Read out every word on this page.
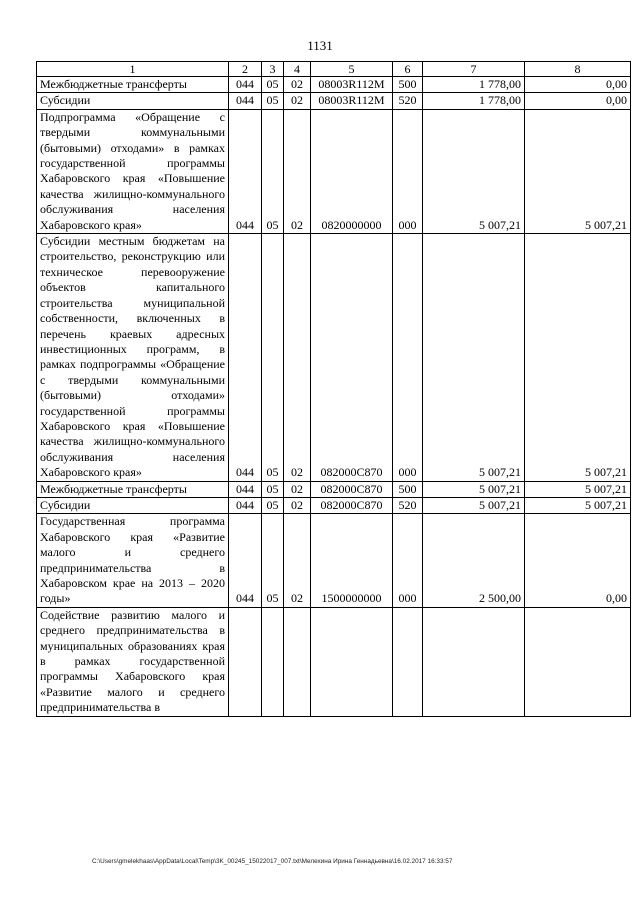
1131
1	2	3	4	5	6	7	8
Межбюджетные трансферты	044	05	02	08003R112M	500	1 778,00	0,00
Субсидии	044	05	02	08003R112M	520	1 778,00	0,00
Подпрограмма «Обращение с твердыми коммунальными (бытовыми) отходами» в рамках государственной программы Хабаровского края «Повышение качества жилищно-коммунального обслуживания населения Хабаровского края»	044	05	02	0820000000	000	5 007,21	5 007,21
Субсидии местным бюджетам на строительство, реконструкцию или техническое перевооружение объектов капитального строительства муниципальной собственности, включенных в перечень краевых адресных инвестиционных программ, в рамках подпрограммы «Обращение с твердыми коммунальными (бытовыми) отходами» государственной программы Хабаровского края «Повышение качества жилищно-коммунального обслуживания населения Хабаровского края»	044	05	02	082000С870	000	5 007,21	5 007,21
Межбюджетные трансферты	044	05	02	082000С870	500	5 007,21	5 007,21
Субсидии	044	05	02	082000С870	520	5 007,21	5 007,21
Государственная программа Хабаровского края «Развитие малого и среднего предпринимательства в Хабаровском крае на 2013 – 2020 годы»	044	05	02	1500000000	000	2 500,00	0,00
Содействие развитию малого и среднего предпринимательства в муниципальных образованиях края в рамках государственной программы Хабаровского края «Развитие малого и среднего предпринимательства в							
C:\Users\gmelekhaas\AppData\Local\Temp\3K_00245_15022017_007.txt\Мелехина Ирина Геннадьевна\16.02.2017 16:33:57
